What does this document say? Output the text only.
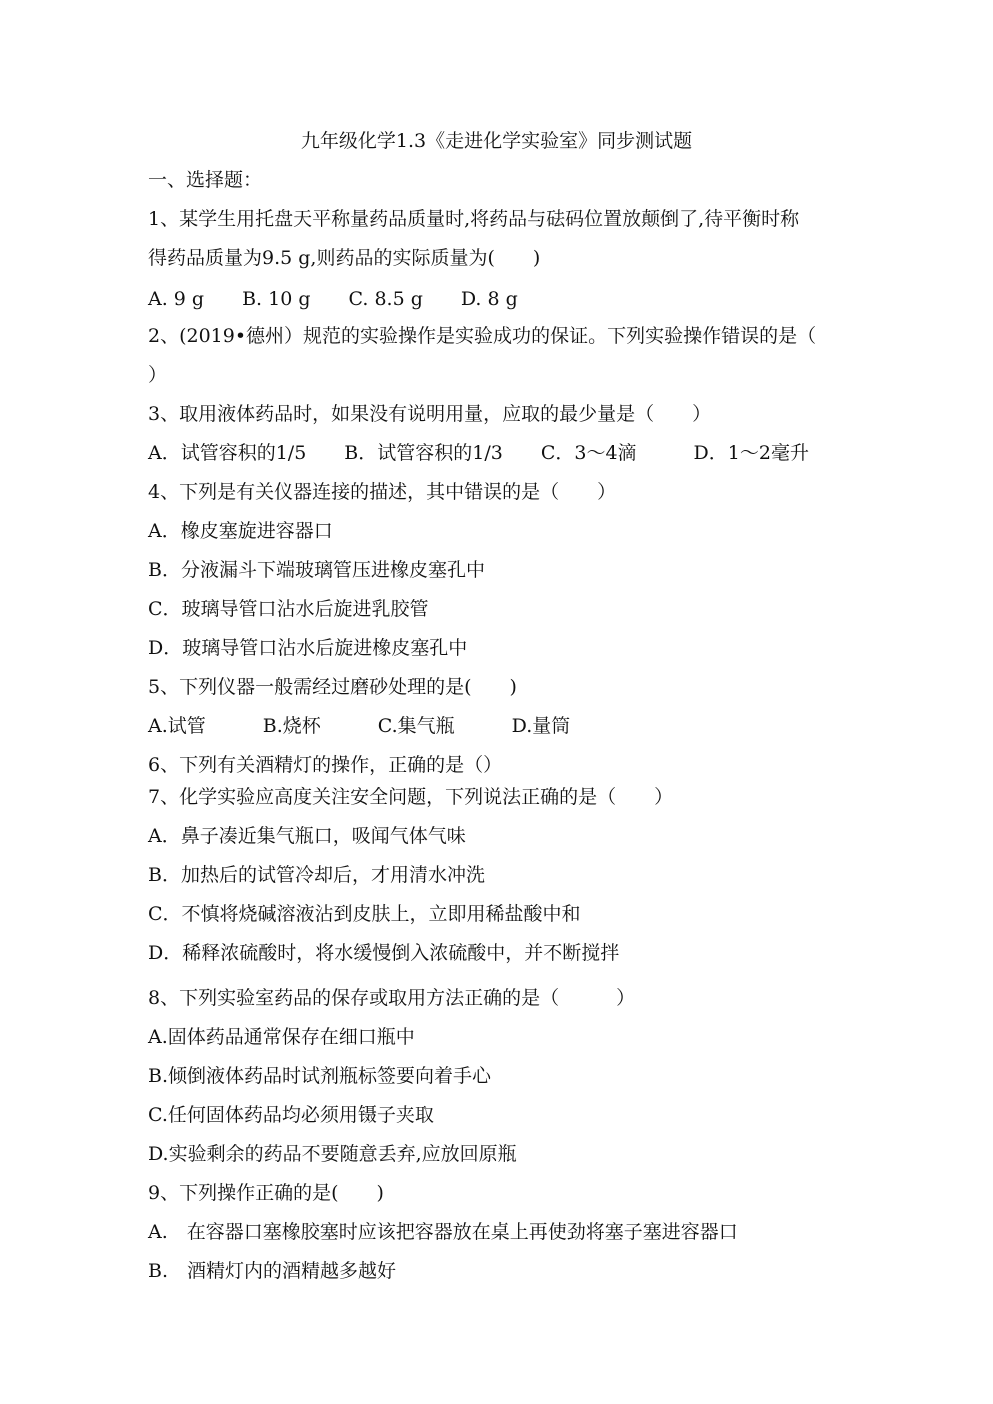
九年级化学1.3《走进化学实验室》同步测试题
一、选择题：
1、某学生用托盘天平称量药品质量时,将药品与砝码位置放颠倒了,待平衡时称
得药品质量为9.5 g,则药品的实际质量为(　　)
A. 9 g　　B. 10 g　　C. 8.5 g　　D. 8 g
2、(2019•德州）规范的实验操作是实验成功的保证。下列实验操作错误的是（
）
3、取用液体药品时，如果没有说明用量，应取的最少量是（　　）
A．试管容积的1/5　　B．试管容积的1/3　　C．3～4滴　　　D．1～2毫升
4、下列是有关仪器连接的描述，其中错误的是（　　）
A．橡皮塞旋进容器口
B．分液漏斗下端玻璃管压进橡皮塞孔中
C．玻璃导管口沾水后旋进乳胶管
D．玻璃导管口沾水后旋进橡皮塞孔中
5、下列仪器一般需经过磨砂处理的是(　　)
A.试管　　　B.烧杯　　　C.集气瓶　　　D.量筒
6、下列有关酒精灯的操作，正确的是（）
7、化学实验应高度关注安全问题，下列说法正确的是（　　）
A．鼻子凑近集气瓶口，吸闻气体气味
B．加热后的试管冷却后，才用清水冲洗
C．不慎将烧碱溶液沾到皮肤上，立即用稀盐酸中和
D．稀释浓硫酸时，将水缓慢倒入浓硫酸中，并不断搅拌
8、下列实验室药品的保存或取用方法正确的是（　　　）
A.固体药品通常保存在细口瓶中
B.倾倒液体药品时试剂瓶标签要向着手心
C.任何固体药品均必须用镊子夹取
D.实验剩余的药品不要随意丢弃,应放回原瓶
9、下列操作正确的是(　　)
A.　在容器口塞橡胶塞时应该把容器放在桌上再使劲将塞子塞进容器口
B.　酒精灯内的酒精越多越好
